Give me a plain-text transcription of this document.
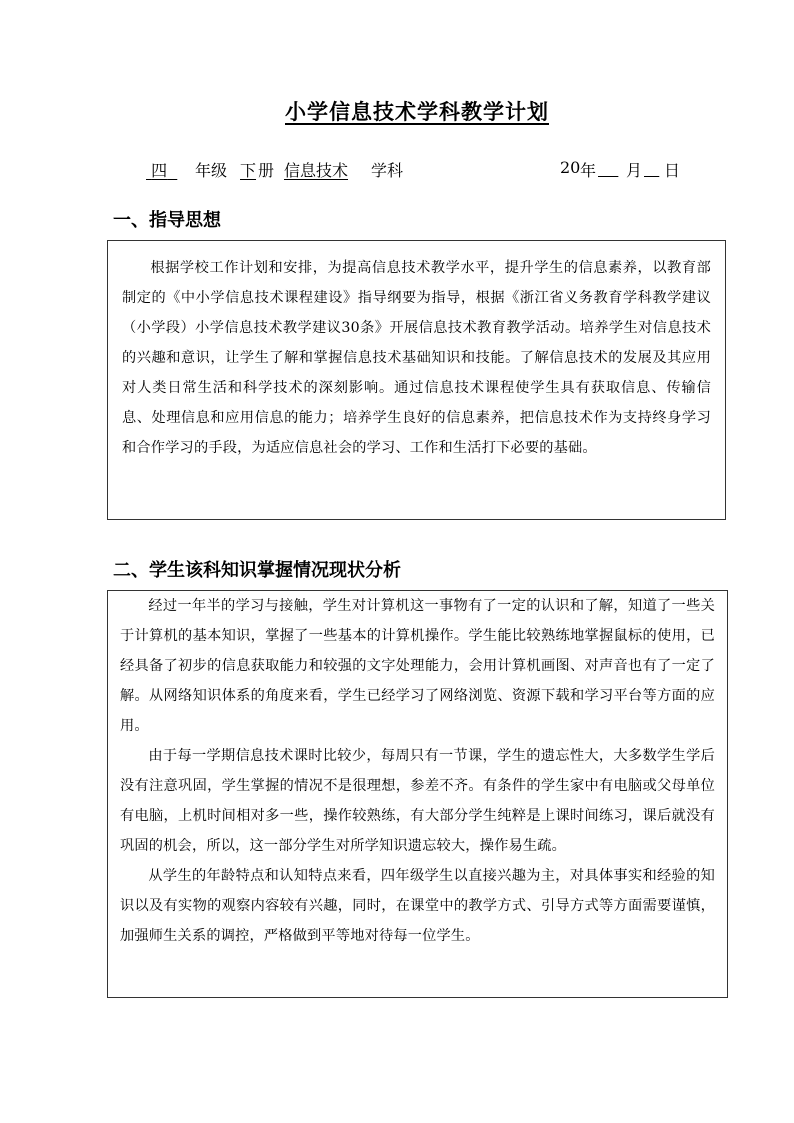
小学信息技术学科教学计划
四	年级 下 册 信息技术 学科	20 年
月
日
一、指导思想

根据学校工作计划和安排，为提高信息技术教学水平，提升学生的信息素养，以教育部制定的《中小学信息技术课程建设》指导纲要为指导，根据《浙江省义务教育学科教学建议（小学段）小学信息技术教学建议30条》开展信息技术教育教学活动。培养学生对信息技术的兴趣和意识，让学生了解和掌握信息技术基础知识和技能。了解信息技术的发展及其应用对人类日常生活和科学技术的深刻影响。通过信息技术课程使学生具有获取信息、传输信息、处理信息和应用信息的能力；培养学生良好的信息素养，把信息技术作为支持终身学习和合作学习的手段，为适应信息社会的学习、工作和生活打下必要的基础。

二、学生该科知识掌握情况现状分析

经过一年半的学习与接触，学生对计算机这一事物有了一定的认识和了解，知道了一些关于计算机的基本知识，掌握了一些基本的计算机操作。学生能比较熟练地掌握鼠标的使用，已经具备了初步的信息获取能力和较强的文字处理能力，会用计算机画图、对声音也有了一定了解。从网络知识体系的角度来看，学生已经学习了网络浏览、资源下载和学习平台等方面的应用。

由于每一学期信息技术课时比较少，每周只有一节课，学生的遗忘性大，大多数学生学后没有注意巩固，学生掌握的情况不是很理想，参差不齐。有条件的学生家中有电脑或父母单位有电脑，上机时间相对多一些，操作较熟练，有大部分学生纯粹是上课时间练习，课后就没有巩固的机会，所以，这一部分学生对所学知识遗忘较大，操作易生疏。

从学生的年龄特点和认知特点来看，四年级学生以直接兴趣为主，对具体事实和经验的知识以及有实物的观察内容较有兴趣，同时，在课堂中的教学方式、引导方式等方面需要谨慎，加强师生关系的调控，严格做到平等地对待每一位学生。
